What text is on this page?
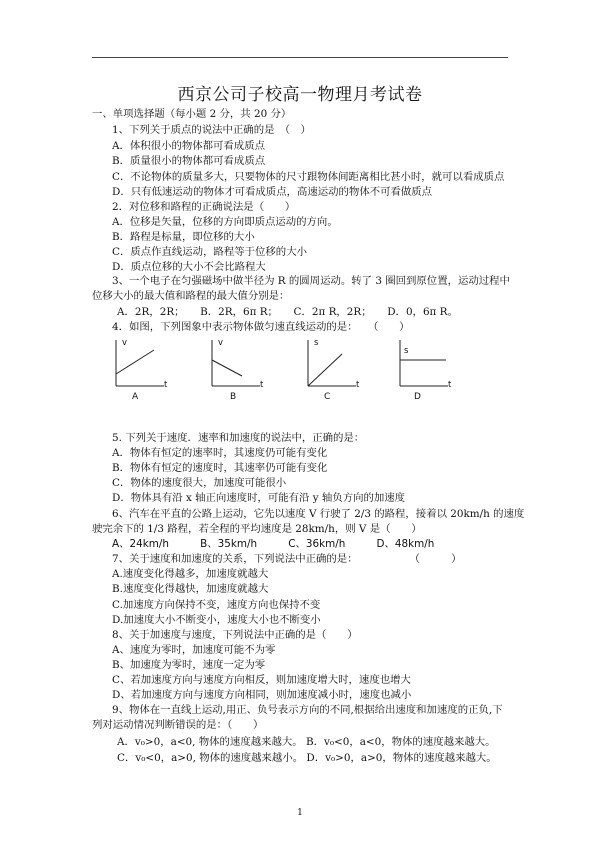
西京公司子校高一物理月考试卷
一、单项选择题（每小题 2 分，共 20 分）
1、下列关于质点的说法中正确的是　（　）
A．体积很小的物体都可看成质点
B．质量很小的物体都可看成质点
C．不论物体的质量多大，只要物体的尺寸跟物体间距离相比甚小时，就可以看成质点
D．只有低速运动的物体才可看成质点，高速运动的物体不可看做质点
2．对位移和路程的正确说法是（　　）
A．位移是矢量，位移的方向即质点运动的方向。
B．路程是标量，即位移的大小
C．质点作直线运动，路程等于位移的大小
D．质点位移的大小不会比路程大
3、一个电子在匀强磁场中做半径为 R 的圆周运动。转了 3 圈回到原位置，运动过程中
位移大小的最大值和路程的最大值分别是：
A．2R，2R；　　B．2R，6π R；　　C．2π R，2R；　　D．0，6π R。
4．如图，下列图象中表示物体做匀速直线运动的是：　　（　　）
v
t
A
v
t
B
s
t
C
s
t
D
5. 下列关于速度．速率和加速度的说法中，正确的是：
A．物体有恒定的速率时，其速度仍可能有变化
B．物体有恒定的速度时，其速率仍可能有变化
C．物体的速度很大，加速度可能很小
D．物体具有沿 x 轴正向速度时，可能有沿 y 轴负方向的加速度
6、汽车在平直的公路上运动，它先以速度 V 行驶了 2/3 的路程，接着以 20km/h 的速度
驶完余下的 1/3 路程，若全程的平均速度是 28km/h，则 V 是（　　）
A、24km/h　　　B、35km/h　　　C、36km/h　　　D、48km/h
7、关于速度和加速度的关系，下列说法中正确的是：　　　　　　（　　　）
A.速度变化得越多，加速度就越大
B.速度变化得越快，加速度就越大
C.加速度方向保持不变，速度方向也保持不变
D.加速度大小不断变小，速度大小也不断变小
8、关于加速度与速度，下列说法中正确的是（　　）
A、速度为零时，加速度可能不为零
B、加速度为零时，速度一定为零
C、若加速度方向与速度方向相反，则加速度增大时，速度也增大
D、若加速度方向与速度方向相同，则加速度减小时，速度也减小
9、物体在一直线上运动,用正、负号表示方向的不同,根据给出速度和加速度的正负,下
列对运动情况判断错误的是：（　　）
A．v₀>0，a<0, 物体的速度越来越大。 B．v₀<0，a<0，物体的速度越来越大。
C．v₀<0，a>0, 物体的速度越来越小。 D．v₀>0，a>0，物体的速度越来越大。
1
